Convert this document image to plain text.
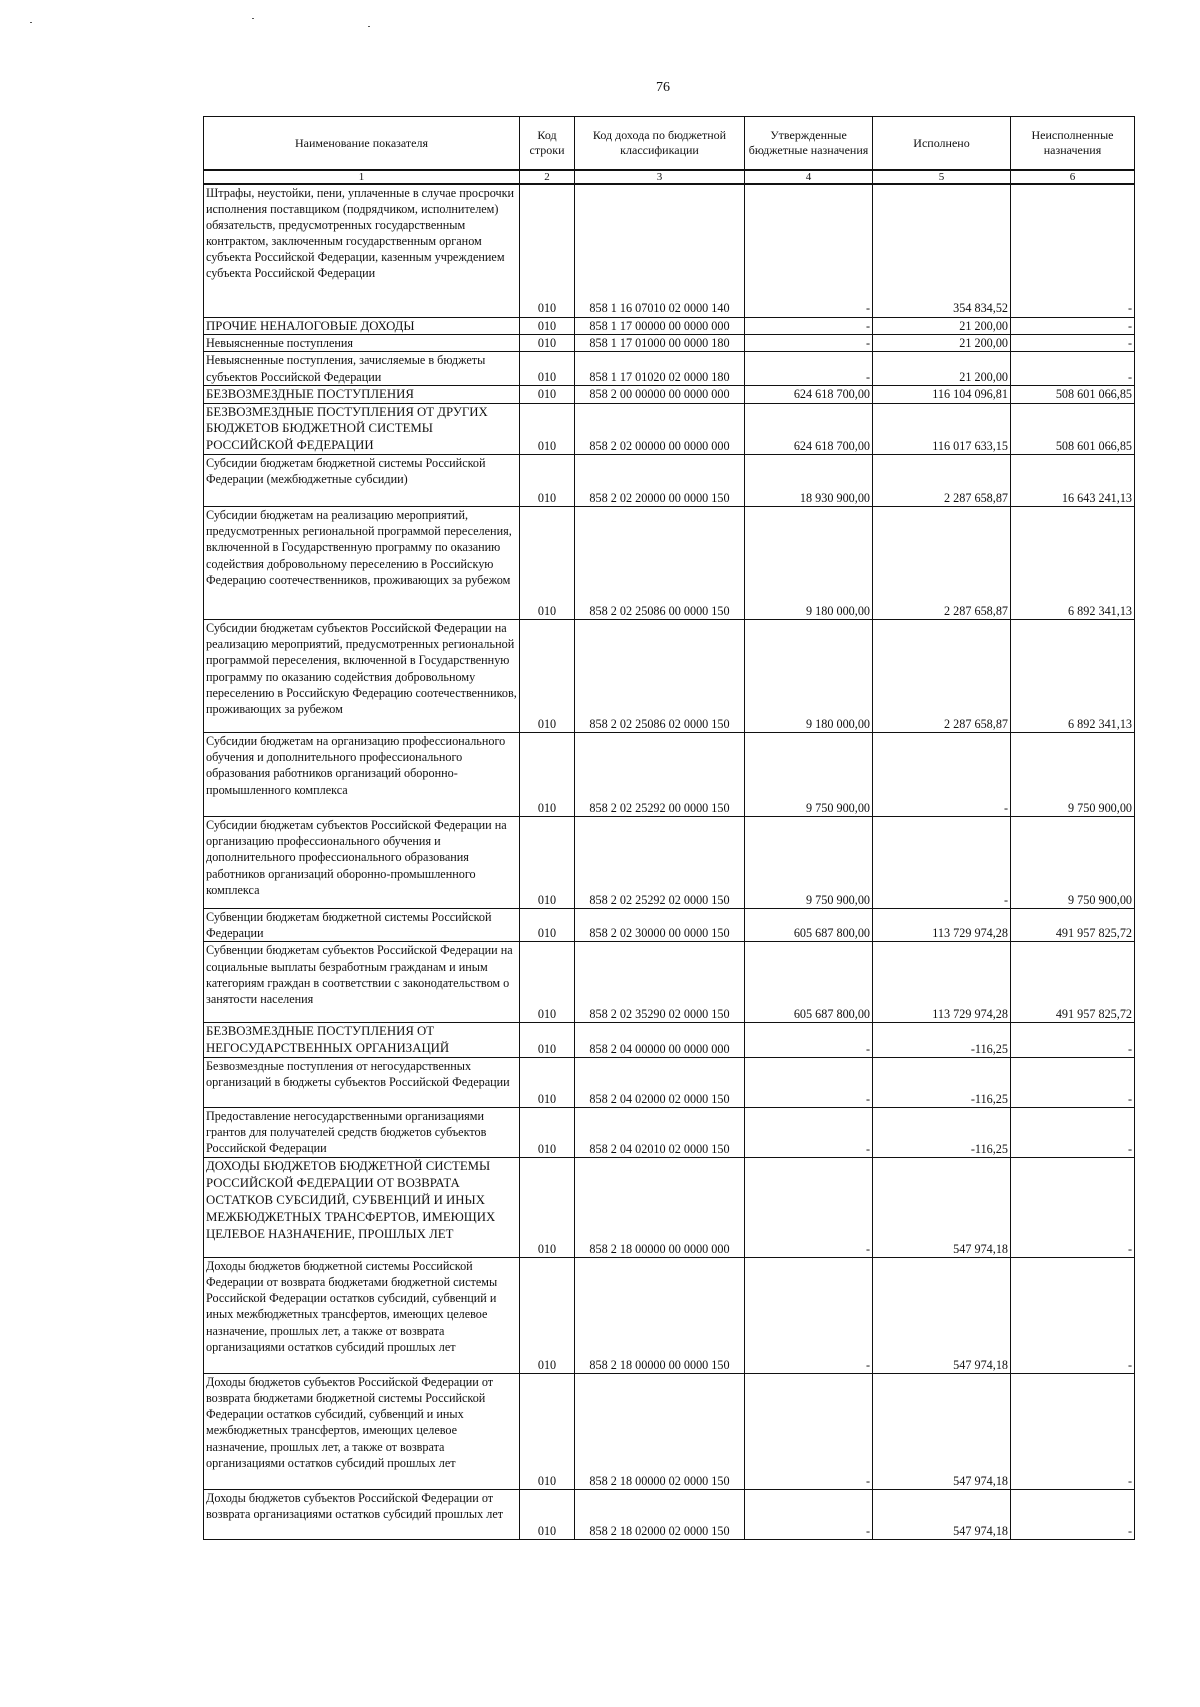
76
Наименование показателя	Код строки	Код дохода по бюджетной классификации	Утвержденные бюджетные назначения	Исполнено	Неисполненные назначения
1	2	3	4	5	6
Штрафы, неустойки, пени, уплаченные в случае просрочки исполнения поставщиком (подрядчиком, исполнителем) обязательств, предусмотренных государственным контрактом, заключенным государственным органом субъекта Российской Федерации, казенным учреждением субъекта Российской Федерации	010	858 1 16 07010 02 0000 140	-	354 834,52	-
ПРОЧИЕ НЕНАЛОГОВЫЕ ДОХОДЫ	010	858 1 17 00000 00 0000 000	-	21 200,00	-
Невыясненные поступления	010	858 1 17 01000 00 0000 180	-	21 200,00	-
Невыясненные поступления, зачисляемые в бюджеты субъектов Российской Федерации	010	858 1 17 01020 02 0000 180	-	21 200,00	-
БЕЗВОЗМЕЗДНЫЕ ПОСТУПЛЕНИЯ	010	858 2 00 00000 00 0000 000	624 618 700,00	116 104 096,81	508 601 066,85
БЕЗВОЗМЕЗДНЫЕ ПОСТУПЛЕНИЯ ОТ ДРУГИХ БЮДЖЕТОВ БЮДЖЕТНОЙ СИСТЕМЫ РОССИЙСКОЙ ФЕДЕРАЦИИ	010	858 2 02 00000 00 0000 000	624 618 700,00	116 017 633,15	508 601 066,85
Субсидии бюджетам бюджетной системы Российской Федерации (межбюджетные субсидии)	010	858 2 02 20000 00 0000 150	18 930 900,00	2 287 658,87	16 643 241,13
Субсидии бюджетам на реализацию мероприятий, предусмотренных региональной программой переселения, включенной в Государственную программу по оказанию содействия добровольному переселению в Российскую Федерацию соотечественников, проживающих за рубежом	010	858 2 02 25086 00 0000 150	9 180 000,00	2 287 658,87	6 892 341,13
Субсидии бюджетам субъектов Российской Федерации на реализацию мероприятий, предусмотренных региональной программой переселения, включенной в Государственную программу по оказанию содействия добровольному переселению в Российскую Федерацию соотечественников, проживающих за рубежом	010	858 2 02 25086 02 0000 150	9 180 000,00	2 287 658,87	6 892 341,13
Субсидии бюджетам на организацию профессионального обучения и дополнительного профессионального образования работников организаций оборонно-промышленного комплекса	010	858 2 02 25292 00 0000 150	9 750 900,00	-	9 750 900,00
Субсидии бюджетам субъектов Российской Федерации на организацию профессионального обучения и дополнительного профессионального образования работников организаций оборонно-промышленного комплекса	010	858 2 02 25292 02 0000 150	9 750 900,00	-	9 750 900,00
Субвенции бюджетам бюджетной системы Российской Федерации	010	858 2 02 30000 00 0000 150	605 687 800,00	113 729 974,28	491 957 825,72
Субвенции бюджетам субъектов Российской Федерации на социальные выплаты безработным гражданам и иным категориям граждан в соответствии с законодательством о занятости населения	010	858 2 02 35290 02 0000 150	605 687 800,00	113 729 974,28	491 957 825,72
БЕЗВОЗМЕЗДНЫЕ ПОСТУПЛЕНИЯ ОТ НЕГОСУДАРСТВЕННЫХ ОРГАНИЗАЦИЙ	010	858 2 04 00000 00 0000 000	-	-116,25	-
Безвозмездные поступления от негосударственных организаций в бюджеты субъектов Российской Федерации	010	858 2 04 02000 02 0000 150	-	-116,25	-
Предоставление негосударственными организациями грантов для получателей средств бюджетов субъектов Российской Федерации	010	858 2 04 02010 02 0000 150	-	-116,25	-
ДОХОДЫ БЮДЖЕТОВ БЮДЖЕТНОЙ СИСТЕМЫ РОССИЙСКОЙ ФЕДЕРАЦИИ ОТ ВОЗВРАТА ОСТАТКОВ СУБСИДИЙ, СУБВЕНЦИЙ И ИНЫХ МЕЖБЮДЖЕТНЫХ ТРАНСФЕРТОВ, ИМЕЮЩИХ ЦЕЛЕВОЕ НАЗНАЧЕНИЕ, ПРОШЛЫХ ЛЕТ	010	858 2 18 00000 00 0000 000	-	547 974,18	-
Доходы бюджетов бюджетной системы Российской Федерации от возврата бюджетами бюджетной системы Российской Федерации остатков субсидий, субвенций и иных межбюджетных трансфертов, имеющих целевое назначение, прошлых лет, а также от возврата организациями остатков субсидий прошлых лет	010	858 2 18 00000 00 0000 150	-	547 974,18	-
Доходы бюджетов субъектов Российской Федерации от возврата бюджетами бюджетной системы Российской Федерации остатков субсидий, субвенций и иных межбюджетных трансфертов, имеющих целевое назначение, прошлых лет, а также от возврата организациями остатков субсидий прошлых лет	010	858 2 18 00000 02 0000 150	-	547 974,18	-
Доходы бюджетов субъектов Российской Федерации от возврата организациями остатков субсидий прошлых лет	010	858 2 18 02000 02 0000 150	-	547 974,18	-
